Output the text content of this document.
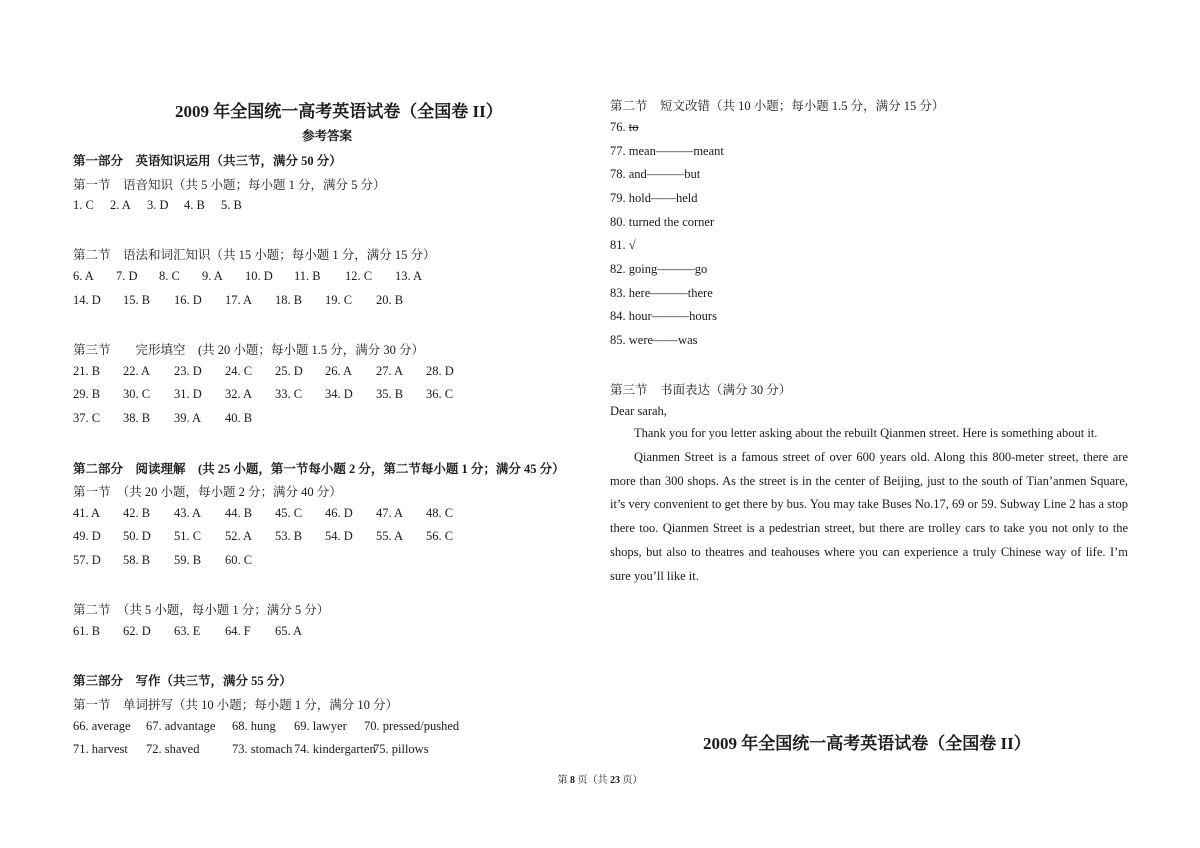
2009 年全国统一高考英语试卷（全国卷 II）
参考答案
第一部分　英语知识运用（共三节，满分 50 分）
第一节　语音知识（共 5 小题；每小题 1 分，满分 5 分）
1. C 2. A 3. D 4. B 5. B
第二节　语法和词汇知识（共 15 小题；每小题 1 分，满分 15 分）
6. A 7. D 8. C 9. A 10. D 11. B 12. C 13. A
14. D 15. B 16. D 17. A 18. B 19. C 20. B
第三节　　完形填空　(共 20 小题；每小题 1.5 分，满分 30 分）
21. B 22. A 23. D 24. C 25. D 26. A 27. A 28. D
29. B 30. C 31. D 32. A 33. C 34. D 35. B 36. C
37. C 38. B 39. A 40. B
第二部分　阅读理解　(共 25 小题，第一节每小题 2 分，第二节每小题 1 分；满分 45 分）
第一节　（共 20 小题，每小题 2 分；满分 40 分）
41. A 42. B 43. A 44. B 45. C 46. D 47. A 48. C
49. D 50. D 51. C 52. A 53. B 54. D 55. A 56. C
57. D 58. B 59. B 60. C
第二节　（共 5 小题，每小题 1 分；满分 5 分）
61. B 62. D 63. E 64. F 65. A
第三部分　写作（共三节，满分 55 分）
第一节　单词拼写（共 10 小题；每小题 1 分，满分 10 分）
66. average 67. advantage 68. hung 69. lawyer 70. pressed/pushed
71. harvest 72. shaved	73. stomach 74. kindergarten75. pillows
第二节　短文改错（共 10 小题；每小题 1.5 分，满分 15 分）
76. to
77. mean———meant
78. and———but
79. hold——held
80. turned the corner
81. √
82. going———go
83. here———there
84. hour———hours
85. were——was
第三节　书面表达（满分 30 分）
Dear sarah,
Thank you for you letter asking about the rebuilt Qianmen street. Here is something about it.
Qianmen Street is a famous street of over 600 years old. Along this 800-meter street, there are more than 300 shops. As the street is in the center of Beijing, just to the south of Tian’anmen Square, it’s very convenient to get there by bus. You may take Buses No.17, 69 or 59. Subway Line 2 has a stop there too. Qianmen Street is a pedestrian street, but there are trolley cars to take you not only to the shops, but also to theatres and teahouses where you can experience a truly Chinese way of life. I’m sure you’ll like it.
2009 年全国统一高考英语试卷（全国卷 II）
第 8 页（共 23 页）
